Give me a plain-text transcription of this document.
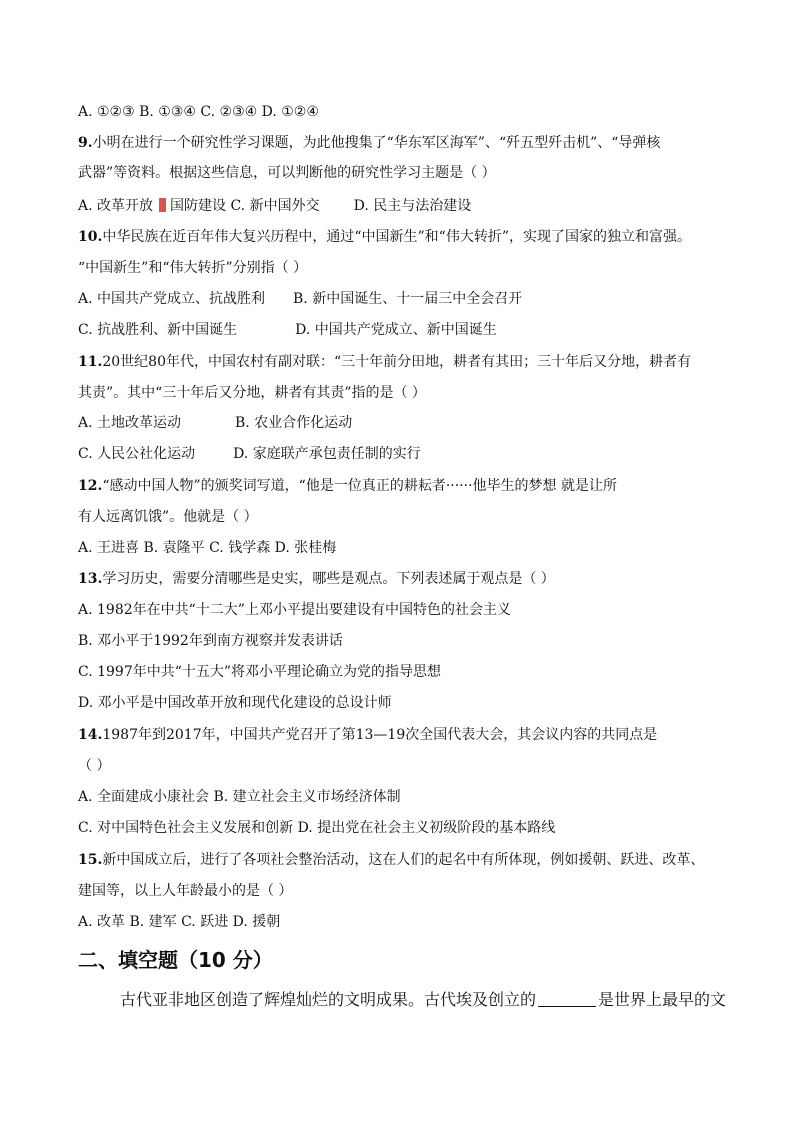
A. ①②③ B. ①③④ C. ②③④ D. ①②④
9.小明在进行一个研究性学习课题，为此他搜集了“华东军区海军”、“歼五型歼击机”、“导弹核
武器”等资料。根据这些信息，可以判断他的研究性学习主题是（ ）
A. 改革开放 国防建设 C. 新中国外交 D. 民主与法治建设
10.中华民族在近百年伟大复兴历程中，通过“中国新生”和“伟大转折”，实现了国家的独立和富强。
“中国新生”和“伟大转折”分别指（ ）
A. 中国共产党成立、抗战胜利 B. 新中国诞生、十一届三中全会召开
C. 抗战胜利、新中国诞生	D. 中国共产党成立、新中国诞生
11.20世纪80年代，中国农村有副对联：“三十年前分田地，耕者有其田；三十年后又分地，耕者有
其责”。其中“三十年后又分地，耕者有其责”指的是（ ）
A. 土地改革运动	B. 农业合作化运动
C. 人民公社化运动	D. 家庭联产承包责任制的实行
12.“感动中国人物”的颁奖词写道，“他是一位真正的耕耘者······他毕生的梦想 就是让所
有人远离饥饿”。他就是（ ）
A. 王进喜 B. 袁隆平 C. 钱学森 D. 张桂梅
13.学习历史，需要分清哪些是史实，哪些是观点。下列表述属于观点是（ ）
A. 1982年在中共“十二大”上邓小平提出要建设有中国特色的社会主义
B. 邓小平于1992年到南方视察并发表讲话
C. 1997年中共“十五大”将邓小平理论确立为党的指导思想
D. 邓小平是中国改革开放和现代化建设的总设计师
14.1987年到2017年，中国共产党召开了第13—19次全国代表大会，其会议内容的共同点是
（ ）
A. 全面建成小康社会 B. 建立社会主义市场经济体制
C. 对中国特色社会主义发展和创新 D. 提出党在社会主义初级阶段的基本路线
15.新中国成立后，进行了各项社会整治活动，这在人们的起名中有所体现，例如援朝、跃进、改革、
建国等，以上人年龄最小的是（ ）
A. 改革 B. 建军 C. 跃进 D. 援朝
二、填空题（10 分）
古代亚非地区创造了辉煌灿烂的文明成果。古代埃及创立的	是世界上最早的文
